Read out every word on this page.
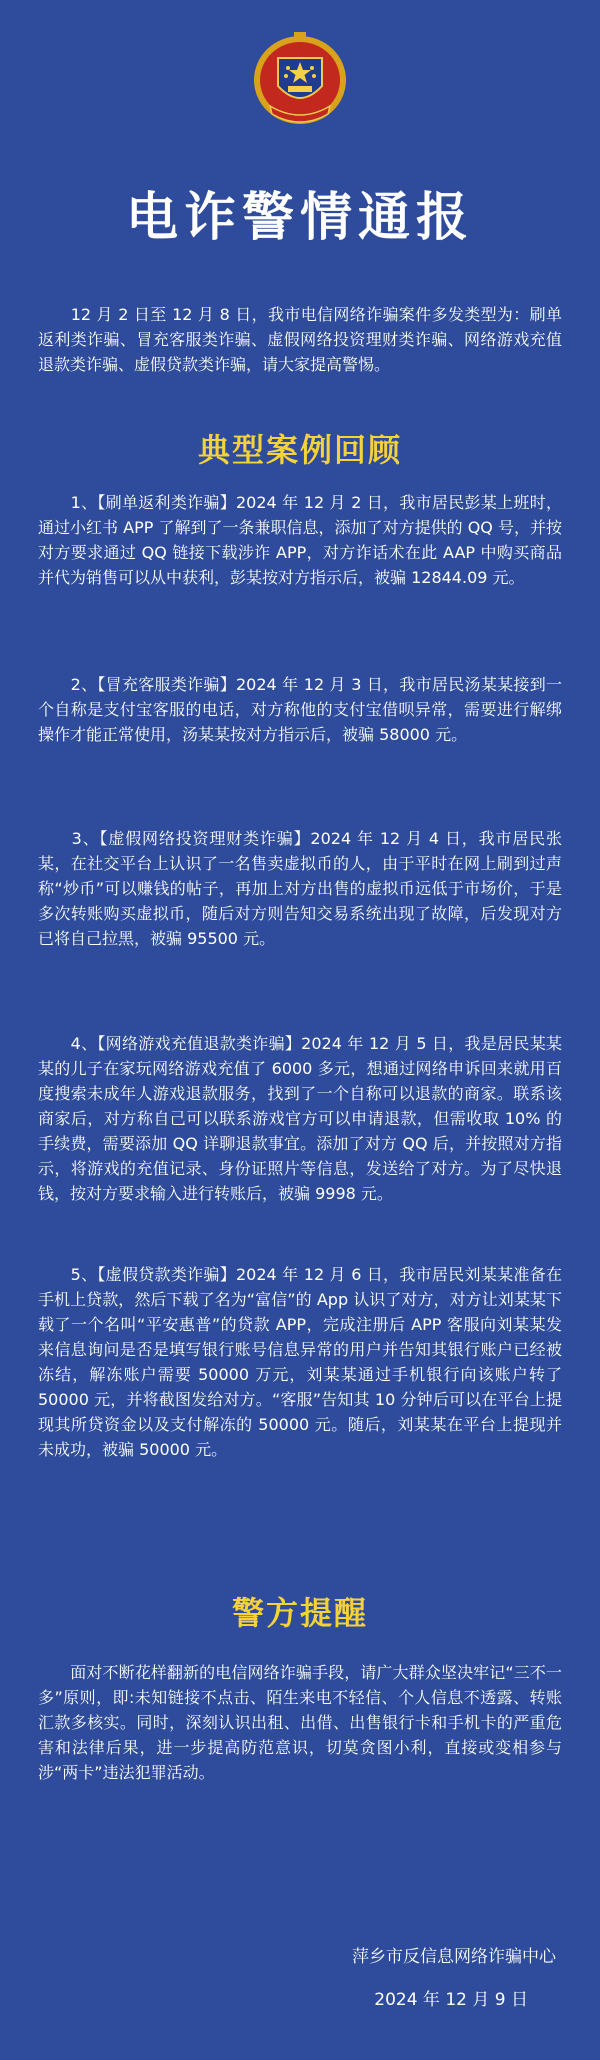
电诈警情通报

　　12 月 2 日至 12 月 8 日，我市电信网络诈骗案件多发类型为：刷单返利类诈骗、冒充客服类诈骗、虚假网络投资理财类诈骗、网络游戏充值退款类诈骗、虚假贷款类诈骗，请大家提高警惕。

典型案例回顾

　　1、【刷单返利类诈骗】2024 年 12 月 2 日，我市居民彭某上班时，通过小红书 APP 了解到了一条兼职信息，添加了对方提供的 QQ 号，并按对方要求通过 QQ 链接下载涉诈 APP，对方诈话术在此 AAP 中购买商品并代为销售可以从中获利，彭某按对方指示后，被骗 12844.09 元。

　　2、【冒充客服类诈骗】2024 年 12 月 3 日，我市居民汤某某接到一个自称是支付宝客服的电话，对方称他的支付宝借呗异常，需要进行解绑操作才能正常使用，汤某某按对方指示后，被骗 58000 元。

　　3、【虚假网络投资理财类诈骗】2024 年 12 月 4 日，我市居民张某，在社交平台上认识了一名售卖虚拟币的人，由于平时在网上刷到过声称“炒币”可以赚钱的帖子，再加上对方出售的虚拟币远低于市场价，于是多次转账购买虚拟币，随后对方则告知交易系统出现了故障，后发现对方已将自己拉黑，被骗 95500 元。

　　4、【网络游戏充值退款类诈骗】2024 年 12 月 5 日，我是居民某某某的儿子在家玩网络游戏充值了 6000 多元，想通过网络申诉回来就用百度搜索未成年人游戏退款服务，找到了一个自称可以退款的商家。联系该商家后，对方称自己可以联系游戏官方可以申请退款，但需收取 10% 的手续费，需要添加 QQ 详聊退款事宜。添加了对方 QQ 后，并按照对方指示，将游戏的充值记录、身份证照片等信息，发送给了对方。为了尽快退钱，按对方要求输入进行转账后，被骗 9998 元。

　　5、【虚假贷款类诈骗】2024 年 12 月 6 日，我市居民刘某某准备在手机上贷款，然后下载了名为“富信”的 App 认识了对方，对方让刘某某下载了一个名叫“平安惠普”的贷款 APP，完成注册后 APP 客服向刘某某发来信息询问是否是填写银行账号信息异常的用户并告知其银行账户已经被冻结，解冻账户需要 50000 万元，刘某某通过手机银行向该账户转了 50000 元，并将截图发给对方。“客服”告知其 10 分钟后可以在平台上提现其所贷资金以及支付解冻的 50000 元。随后，刘某某在平台上提现并未成功，被骗 50000 元。

警方提醒

　　面对不断花样翻新的电信网络诈骗手段，请广大群众坚决牢记“三不一多”原则，即:未知链接不点击、陌生来电不轻信、个人信息不透露、转账汇款多核实。同时，深刻认识出租、出借、出售银行卡和手机卡的严重危害和法律后果，进一步提高防范意识，切莫贪图小利，直接或变相参与涉“两卡”违法犯罪活动。

萍乡市反信息网络诈骗中心
2024 年 12 月 9 日
